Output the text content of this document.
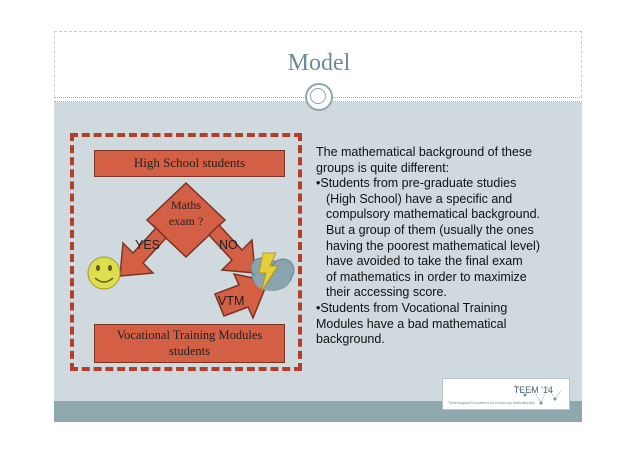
Model
High School students
Vocational Training Modules
students
Maths
exam ?
YES	NO
VTM

The mathematical background of these

groups is quite different:

•Students from pre-graduate studies

(High School) have a specific and

compulsory mathematical background.

But a group of them (usually the ones

having the poorest mathematical level)

have avoided to take the final exam

of mathematics in order to maximize

their accessing score.

•Students from Vocational Training

Modules have a bad mathematical

background.

TEEM '14
Technological Ecosystems for Enhancing Multiculturality
